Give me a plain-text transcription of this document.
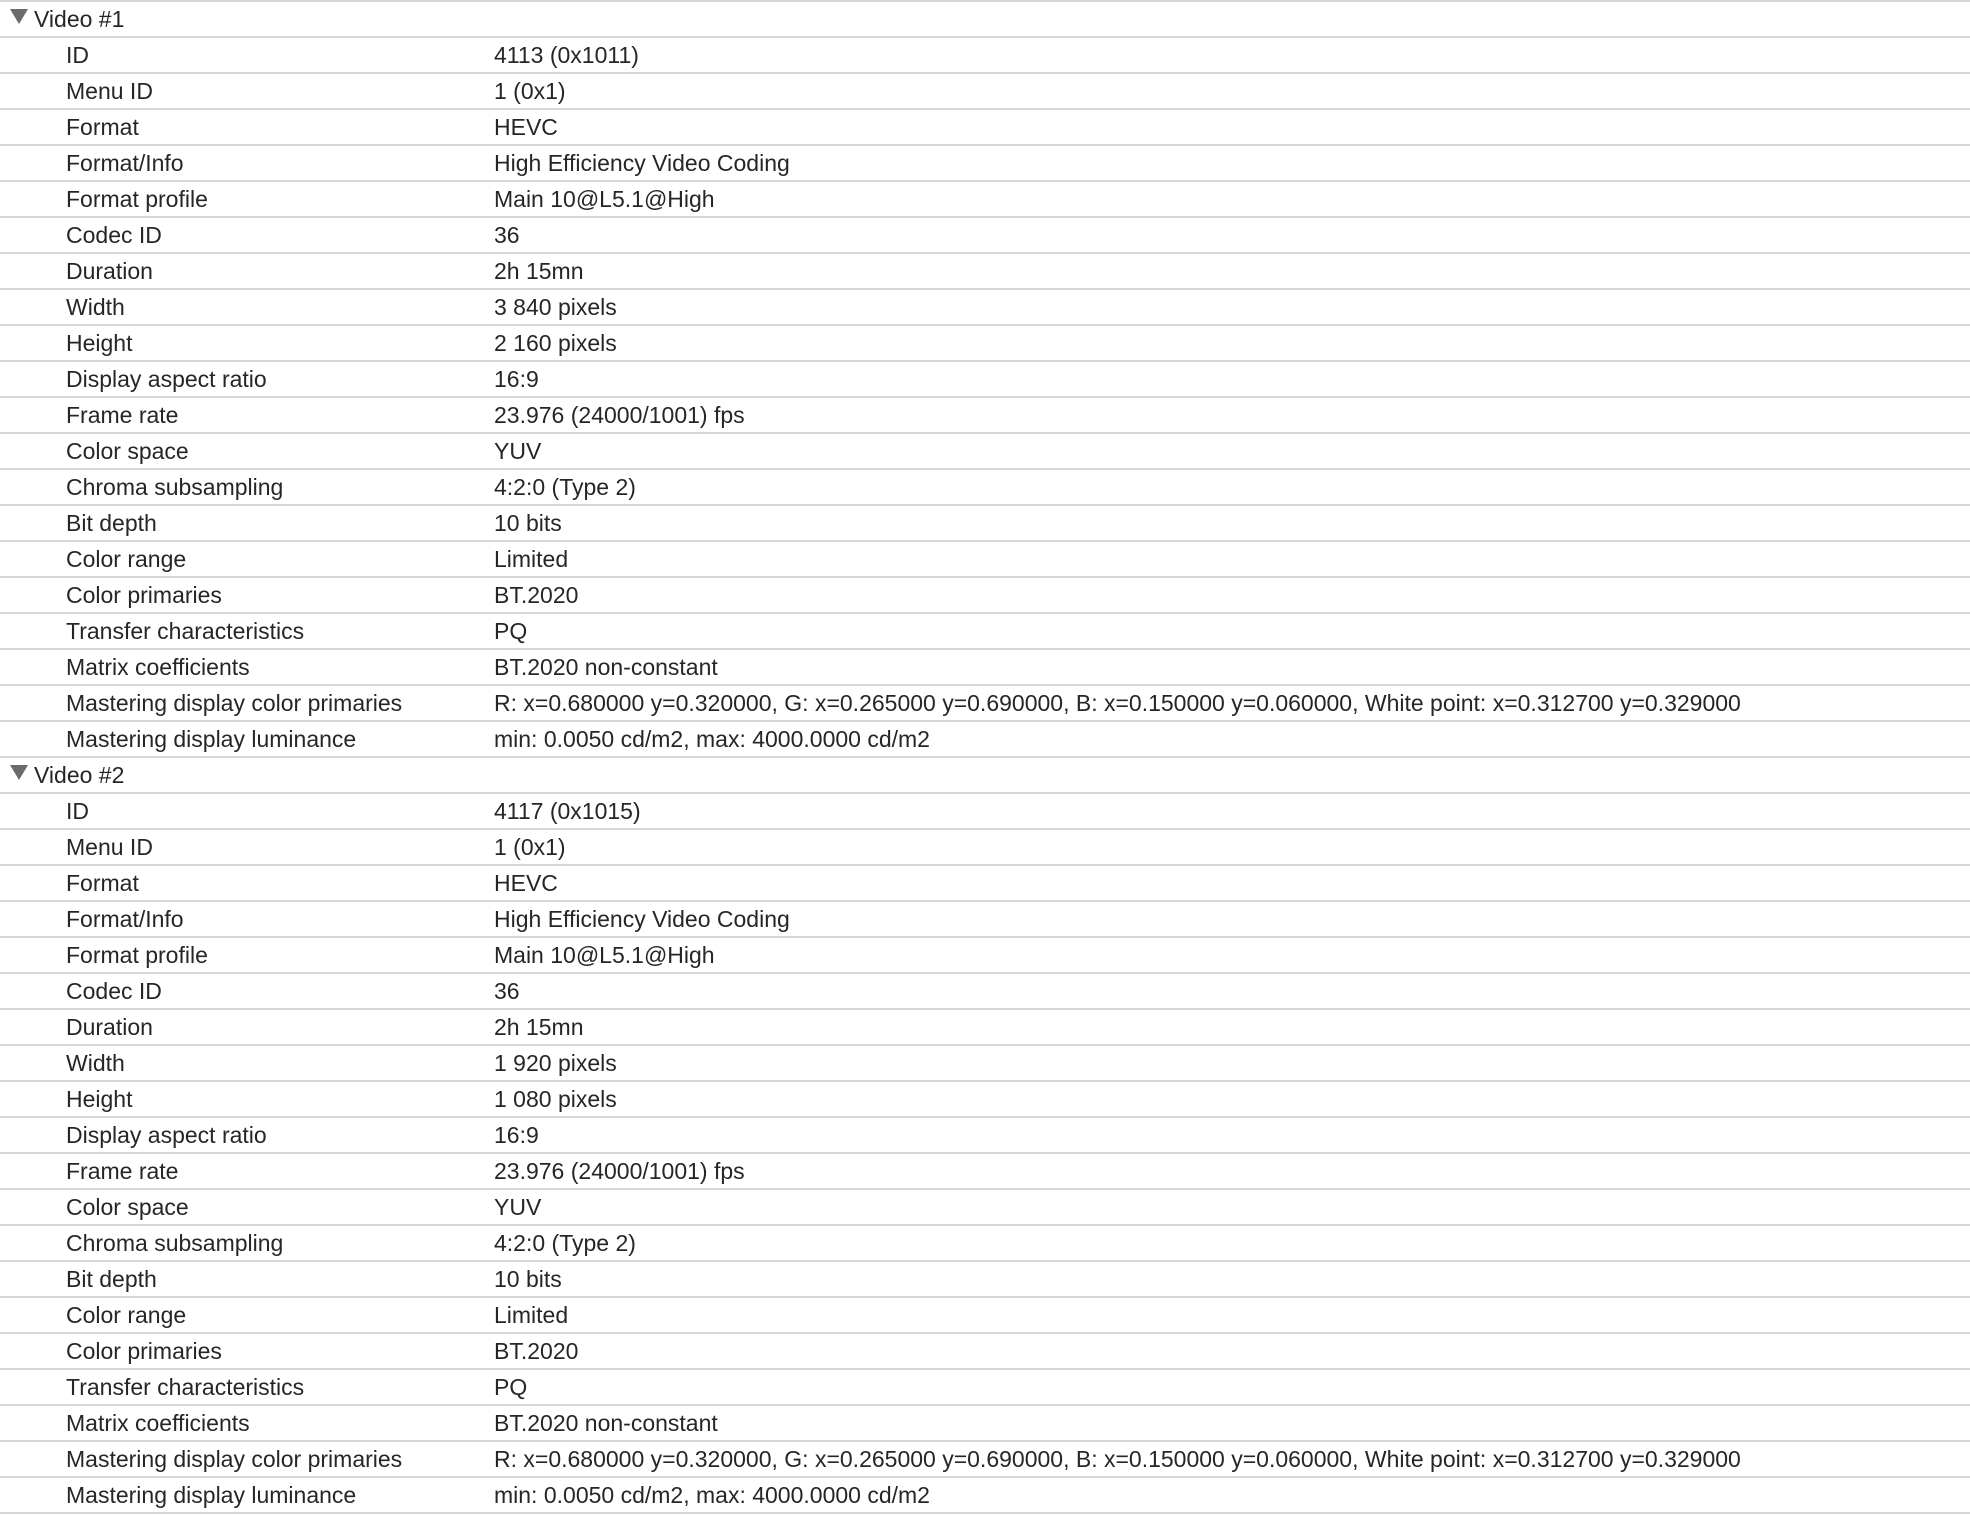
Video #1
ID	4113 (0x1011)
Menu ID	1 (0x1)
Format	HEVC
Format/Info	High Efficiency Video Coding
Format profile	Main 10@L5.1@High
Codec ID	36
Duration	2h 15mn
Width	3 840 pixels
Height	2 160 pixels
Display aspect ratio	16:9
Frame rate	23.976 (24000/1001) fps
Color space	YUV
Chroma subsampling	4:2:0 (Type 2)
Bit depth	10 bits
Color range	Limited
Color primaries	BT.2020
Transfer characteristics	PQ
Matrix coefficients	BT.2020 non-constant
Mastering display color primaries	R: x=0.680000 y=0.320000, G: x=0.265000 y=0.690000, B: x=0.150000 y=0.060000, White point: x=0.312700 y=0.329000
Mastering display luminance	min: 0.0050 cd/m2, max: 4000.0000 cd/m2
Video #2
ID	4117 (0x1015)
Menu ID	1 (0x1)
Format	HEVC
Format/Info	High Efficiency Video Coding
Format profile	Main 10@L5.1@High
Codec ID	36
Duration	2h 15mn
Width	1 920 pixels
Height	1 080 pixels
Display aspect ratio	16:9
Frame rate	23.976 (24000/1001) fps
Color space	YUV
Chroma subsampling	4:2:0 (Type 2)
Bit depth	10 bits
Color range	Limited
Color primaries	BT.2020
Transfer characteristics	PQ
Matrix coefficients	BT.2020 non-constant
Mastering display color primaries	R: x=0.680000 y=0.320000, G: x=0.265000 y=0.690000, B: x=0.150000 y=0.060000, White point: x=0.312700 y=0.329000
Mastering display luminance	min: 0.0050 cd/m2, max: 4000.0000 cd/m2
